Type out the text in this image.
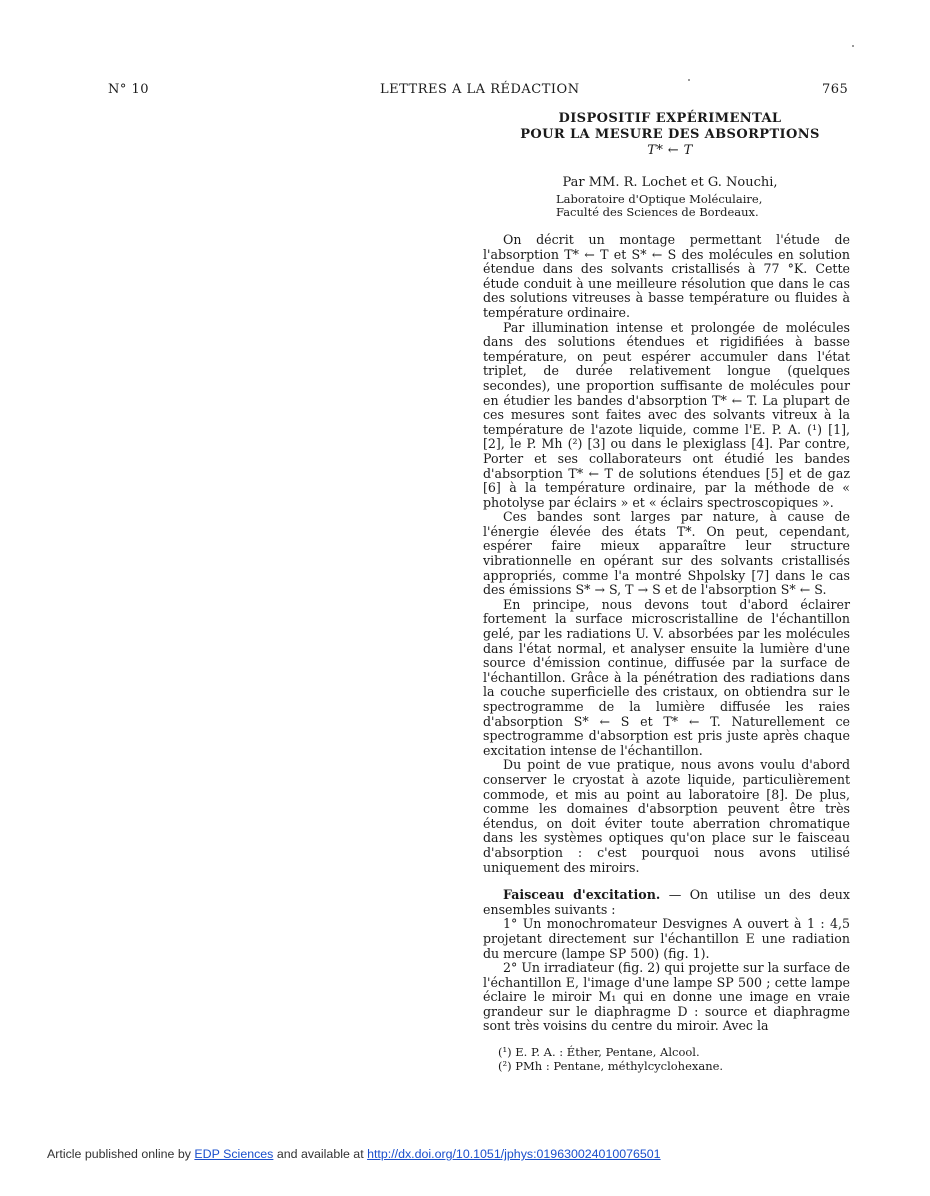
N° 10	LETTRES A LA RÉDACTION	765
DISPOSITIF EXPÉRIMENTAL
POUR LA MESURE DES ABSORPTIONS
T* ← T
Par MM. R. Lochet et G. Nouchi,
Laboratoire d'Optique Moléculaire,
Faculté des Sciences de Bordeaux.

On décrit un montage permettant l'étude de l'absorption T* ← T et S* ← S des molécules en solution étendue dans des solvants cristallisés à 77 °K. Cette étude conduit à une meilleure résolution que dans le cas des solutions vitreuses à basse température ou fluides à température ordinaire.

Par illumination intense et prolongée de molécules dans des solutions étendues et rigidifiées à basse température, on peut espérer accumuler dans l'état triplet, de durée relativement longue (quelques secondes), une proportion suffisante de molécules pour en étudier les bandes d'absorption T* ← T. La plupart de ces mesures sont faites avec des solvants vitreux à la température de l'azote liquide, comme l'E. P. A. (¹) [1], [2], le P. Mh (²) [3] ou dans le plexiglass [4]. Par contre, Porter et ses collaborateurs ont étudié les bandes d'absorption T* ← T de solutions étendues [5] et de gaz [6] à la température ordinaire, par la méthode de « photolyse par éclairs » et « éclairs spectroscopiques ».

Ces bandes sont larges par nature, à cause de l'énergie élevée des états T*. On peut, cependant, espérer faire mieux apparaître leur structure vibrationnelle en opérant sur des solvants cristallisés appropriés, comme l'a montré Shpolsky [7] dans le cas des émissions S* → S, T → S et de l'absorption S* ← S.

En principe, nous devons tout d'abord éclairer fortement la surface microscristalline de l'échantillon gelé, par les radiations U. V. absorbées par les molécules dans l'état normal, et analyser ensuite la lumière d'une source d'émission continue, diffusée par la surface de l'échantillon. Grâce à la pénétration des radiations dans la couche superficielle des cristaux, on obtiendra sur le spectrogramme de la lumière diffusée les raies d'absorption S* ← S et T* ← T. Naturellement ce spectrogramme d'absorption est pris juste après chaque excitation intense de l'échantillon.

Du point de vue pratique, nous avons voulu d'abord conserver le cryostat à azote liquide, particulièrement commode, et mis au point au laboratoire [8]. De plus, comme les domaines d'absorption peuvent être très étendus, on doit éviter toute aberration chromatique dans les systèmes optiques qu'on place sur le faisceau d'absorption : c'est pourquoi nous avons utilisé uniquement des miroirs.

Faisceau d'excitation. — On utilise un des deux ensembles suivants :

1° Un monochromateur Desvignes A ouvert à 1 : 4,5 projetant directement sur l'échantillon E une radiation du mercure (lampe SP 500) (fig. 1).

2° Un irradiateur (fig. 2) qui projette sur la surface de l'échantillon E, l'image d'une lampe SP 500 ; cette lampe éclaire le miroir M₁ qui en donne une image en vraie grandeur sur le diaphragme D : source et diaphragme sont très voisins du centre du miroir. Avec la

(¹) E. P. A. : Éther, Pentane, Alcool.
(²) PMh : Pentane, méthylcyclohexane.
Article published online by EDP Sciences and available at http://dx.doi.org/10.1051/jphys:019630024010076501
